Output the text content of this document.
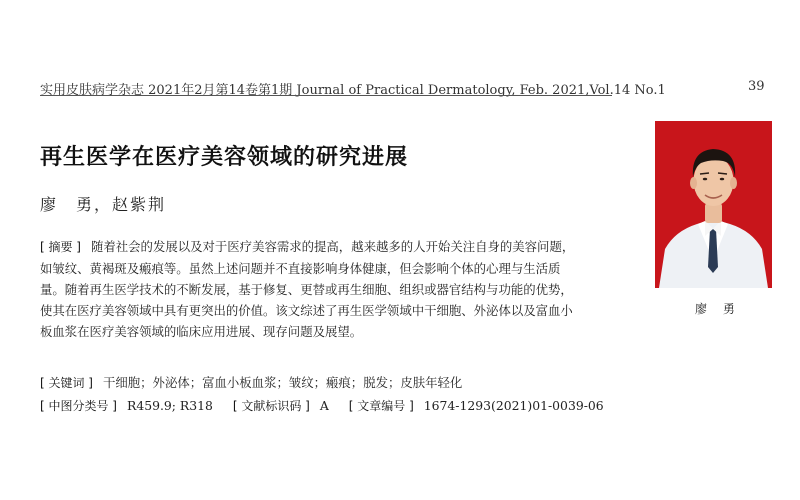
实用皮肤病学杂志 2021年2月第14卷第1期 Journal of Practical Dermatology, Feb. 2021,Vol.14 No.1	39
再生医学在医疗美容领域的研究进展
廖　勇，赵紫荆
[ 摘要 ] 随着社会的发展以及对于医疗美容需求的提高，越来越多的人开始关注自身的美容问题，如皱纹、黄褐斑及瘢痕等。虽然上述问题并不直接影响身体健康，但会影响个体的心理与生活质量。随着再生医学技术的不断发展，基于修复、更替或再生细胞、组织或器官结构与功能的优势，使其在医疗美容领域中具有更突出的价值。该文综述了再生医学领域中干细胞、外泌体以及富血小板血浆在医疗美容领域的临床应用进展、现存问题及展望。
[ 关键词 ] 干细胞；外泌体；富血小板血浆；皱纹；瘢痕；脱发；皮肤年轻化
[ 中图分类号 ] R459.9; R318 [ 文献标识码 ] A [ 文章编号 ] 1674-1293(2021)01-0039-06
廖 勇
